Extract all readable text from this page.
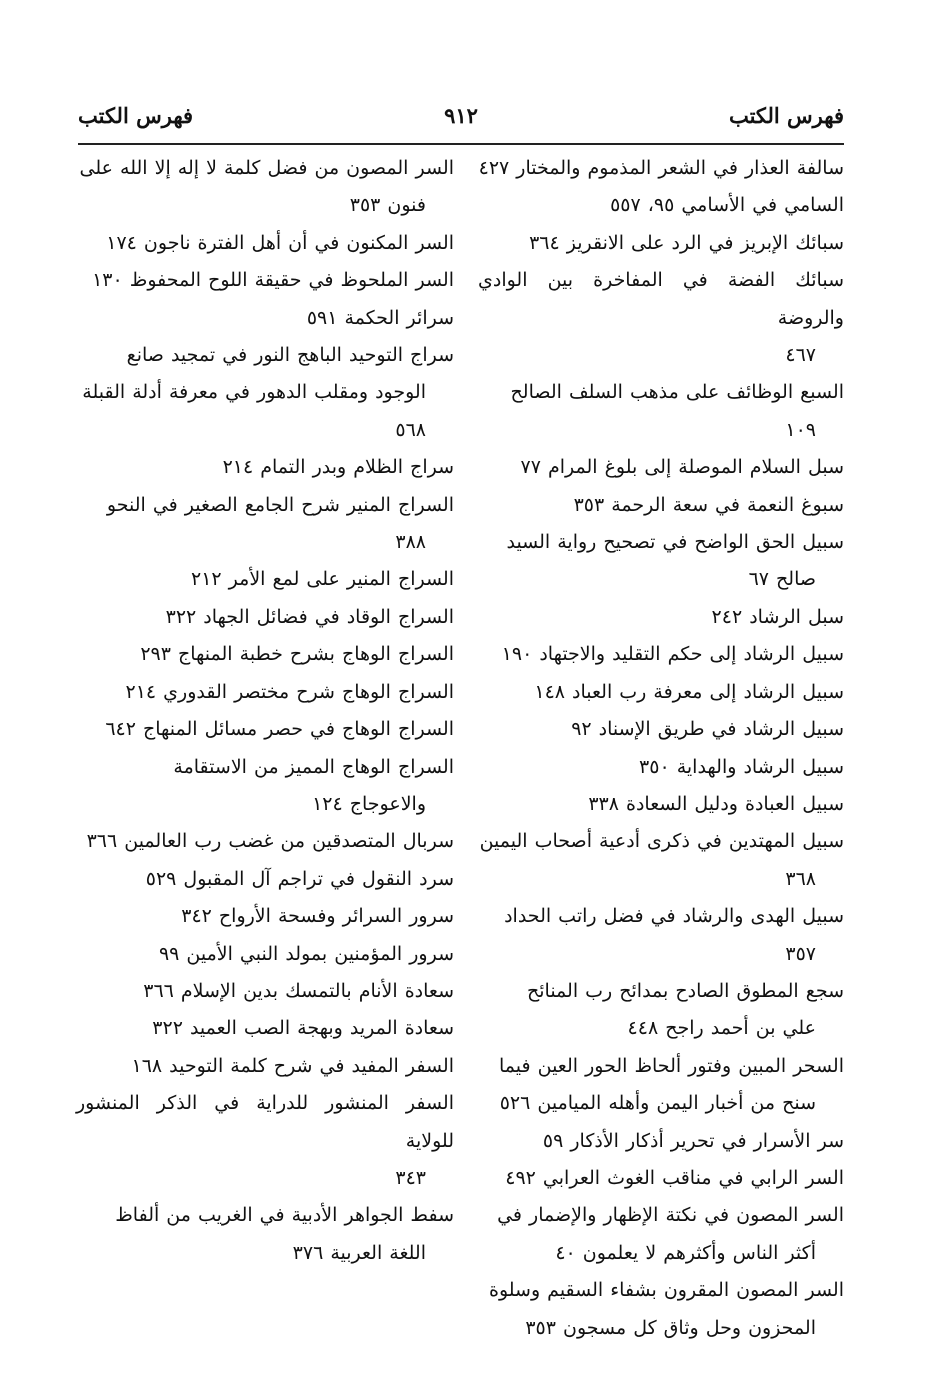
فهرس الكتب
٩١٢
فهرس الكتب
سالفة العذار في الشعر المذموم والمختار ٤٢٧
السامي في الأسامي ٩٥، ٥٥٧
سبائك الإبريز في الرد على الانقريز ٣٦٤
سبائك الفضة في المفاخرة بين الوادي والروضة
٤٦٧
السبع الوظائف على مذهب السلف الصالح
١٠٩
سبل السلام الموصلة إلى بلوغ المرام ٧٧
سبوغ النعمة في سعة الرحمة ٣٥٣
سبيل الحق الواضح في تصحيح رواية السيد
صالح ٦٧
سبل الرشاد ٢٤٢
سبيل الرشاد إلى حكم التقليد والاجتهاد ١٩٠
سبيل الرشاد إلى معرفة رب العباد ١٤٨
سبيل الرشاد في طريق الإسناد ٩٢
سبيل الرشاد والهداية ٣٥٠
سبيل العبادة ودليل السعادة ٣٣٨
سبيل المهتدين في ذكرى أدعية أصحاب اليمين
٣٦٨
سبيل الهدى والرشاد في فضل راتب الحداد
٣٥٧
سجع المطوق الصادح بمدائح رب المنائح
علي بن أحمد راجح ٤٤٨
السحر المبين وفتور ألحاظ الحور العين فيما
سنح من أخبار اليمن وأهله الميامين ٥٢٦
سر الأسرار في تحرير أذكار الأذكار ٥٩
السر الرابي في مناقب الغوث العرابي ٤٩٢
السر المصون في نكتة الإظهار والإضمار في
أكثر الناس وأكثرهم لا يعلمون ٤٠
السر المصون المقرون بشفاء السقيم وسلوة
المحزون وحل وثاق كل مسجون ٣٥٣
السر المصون من فضل كلمة لا إله إلا الله على
فنون ٣٥٣
السر المكنون في أن أهل الفترة ناجون ١٧٤
السر الملحوظ في حقيقة اللوح المحفوظ ١٣٠
سرائر الحكمة ٥٩١
سراج التوحيد الباهج النور في تمجيد صانع
الوجود ومقلب الدهور في معرفة أدلة القبلة
٥٦٨
سراج الظلام وبدر التمام ٢١٤
السراج المنير شرح الجامع الصغير في النحو
٣٨٨
السراج المنير على لمع الأمر ٢١٢
السراج الوقاد في فضائل الجهاد ٣٢٢
السراج الوهاج بشرح خطبة المنهاج ٢٩٣
السراج الوهاج شرح مختصر القدوري ٢١٤
السراج الوهاج في حصر مسائل المنهاج ٦٤٢
السراج الوهاج المميز من الاستقامة
والاعوجاج ١٢٤
سربال المتصدقين من غضب رب العالمين ٣٦٦
سرد النقول في تراجم آل المقبول ٥٢٩
سرور السرائر وفسحة الأرواح ٣٤٢
سرور المؤمنين بمولد النبي الأمين ٩٩
سعادة الأنام بالتمسك بدين الإسلام ٣٦٦
سعادة المريد وبهجة الصب العميد ٣٢٢
السفر المفيد في شرح كلمة التوحيد ١٦٨
السفر المنشور للدراية في الذكر المنشور للولاية
٣٤٣
سفط الجواهر الأدبية في الغريب من ألفاظ
اللغة العربية ٣٧٦
